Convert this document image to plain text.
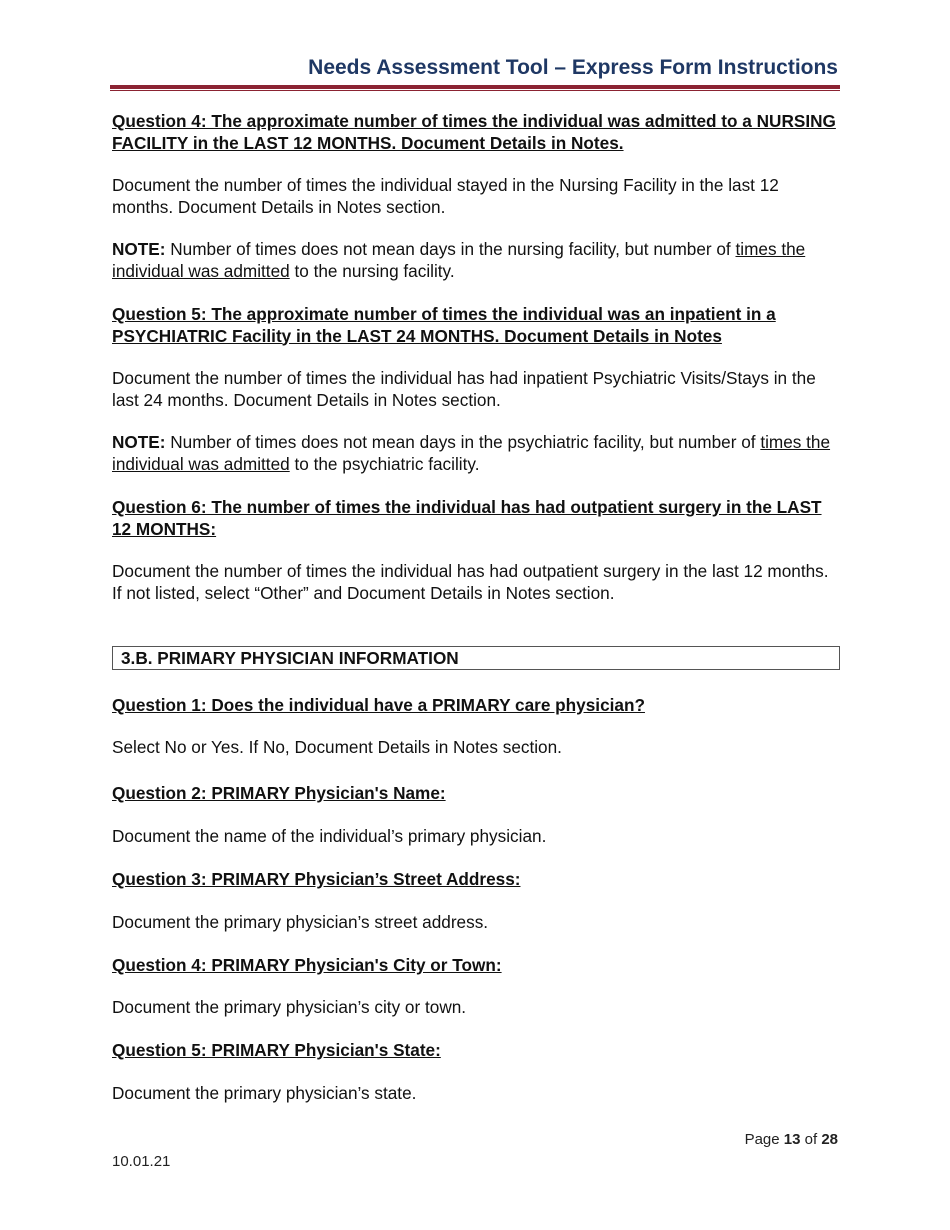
Needs Assessment Tool – Express Form Instructions

Question 4: The approximate number of times the individual was admitted to a NURSING FACILITY in the LAST 12 MONTHS. Document Details in Notes.

Document the number of times the individual stayed in the Nursing Facility in the last 12 months. Document Details in Notes section.

NOTE: Number of times does not mean days in the nursing facility, but number of times the individual was admitted to the nursing facility.

Question 5: The approximate number of times the individual was an inpatient in a PSYCHIATRIC Facility in the LAST 24 MONTHS. Document Details in Notes

Document the number of times the individual has had inpatient Psychiatric Visits/Stays in the last 24 months. Document Details in Notes section.

NOTE: Number of times does not mean days in the psychiatric facility, but number of times the individual was admitted to the psychiatric facility.

Question 6: The number of times the individual has had outpatient surgery in the LAST 12 MONTHS:

Document the number of times the individual has had outpatient surgery in the last 12 months. If not listed, select “Other” and Document Details in Notes section.

3.B. PRIMARY PHYSICIAN INFORMATION

Question 1: Does the individual have a PRIMARY care physician?

Select No or Yes. If No, Document Details in Notes section.

Question 2: PRIMARY Physician's Name:

Document the name of the individual’s primary physician.

Question 3: PRIMARY Physician’s Street Address:

Document the primary physician’s street address.

Question 4: PRIMARY Physician's City or Town:

Document the primary physician’s city or town.

Question 5: PRIMARY Physician's State:

Document the primary physician’s state.

Page 13 of 28
10.01.21
